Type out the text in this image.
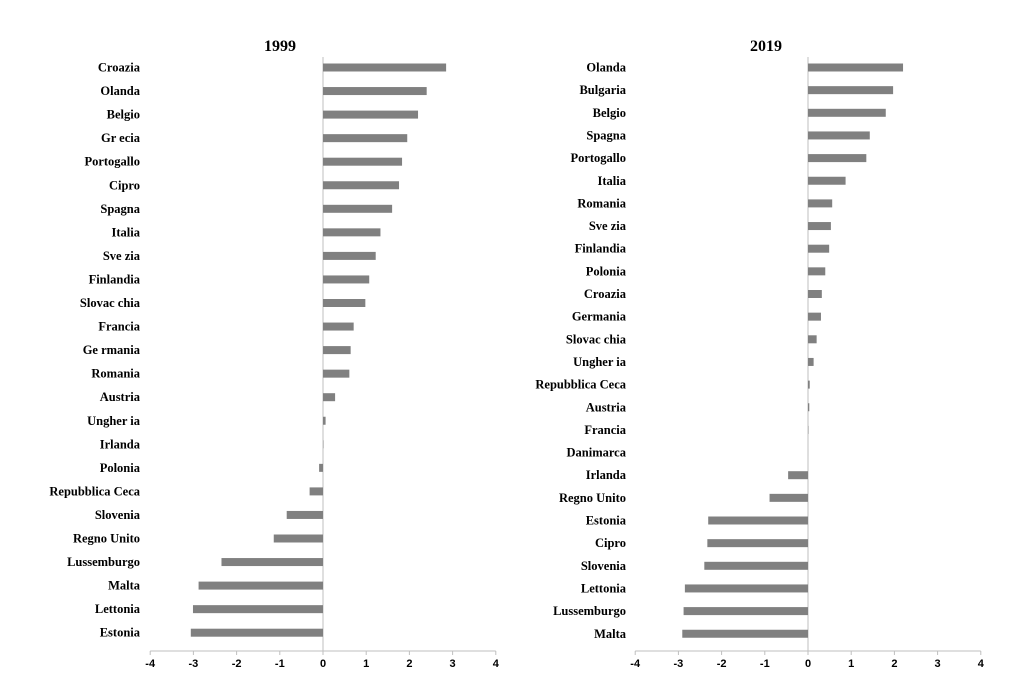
1999
Croazia
Olanda
Belgio
Gr ecia
Portogallo
Cipro
Spagna
Italia
Sve zia
Finlandia
Slovac chia
Francia
Ge rmania
Romania
Austria
Ungher ia
Irlanda
Polonia
Repubblica Ceca
Slovenia
Regno Unito
Lussemburgo
Malta
Lettonia
Estonia
-4	-3	-2	-1	0	1	2	3	4
2019
Olanda
Bulgaria
Belgio
Spagna
Portogallo
Italia
Romania
Sve zia
Finlandia
Polonia
Croazia
Germania
Slovac chia
Ungher ia
Repubblica Ceca
Austria
Francia
Danimarca
Irlanda
Regno Unito
Estonia
Cipro
Slovenia
Lettonia
Lussemburgo
Malta
-4	-3	-2	-1	0	1	2	3	4
